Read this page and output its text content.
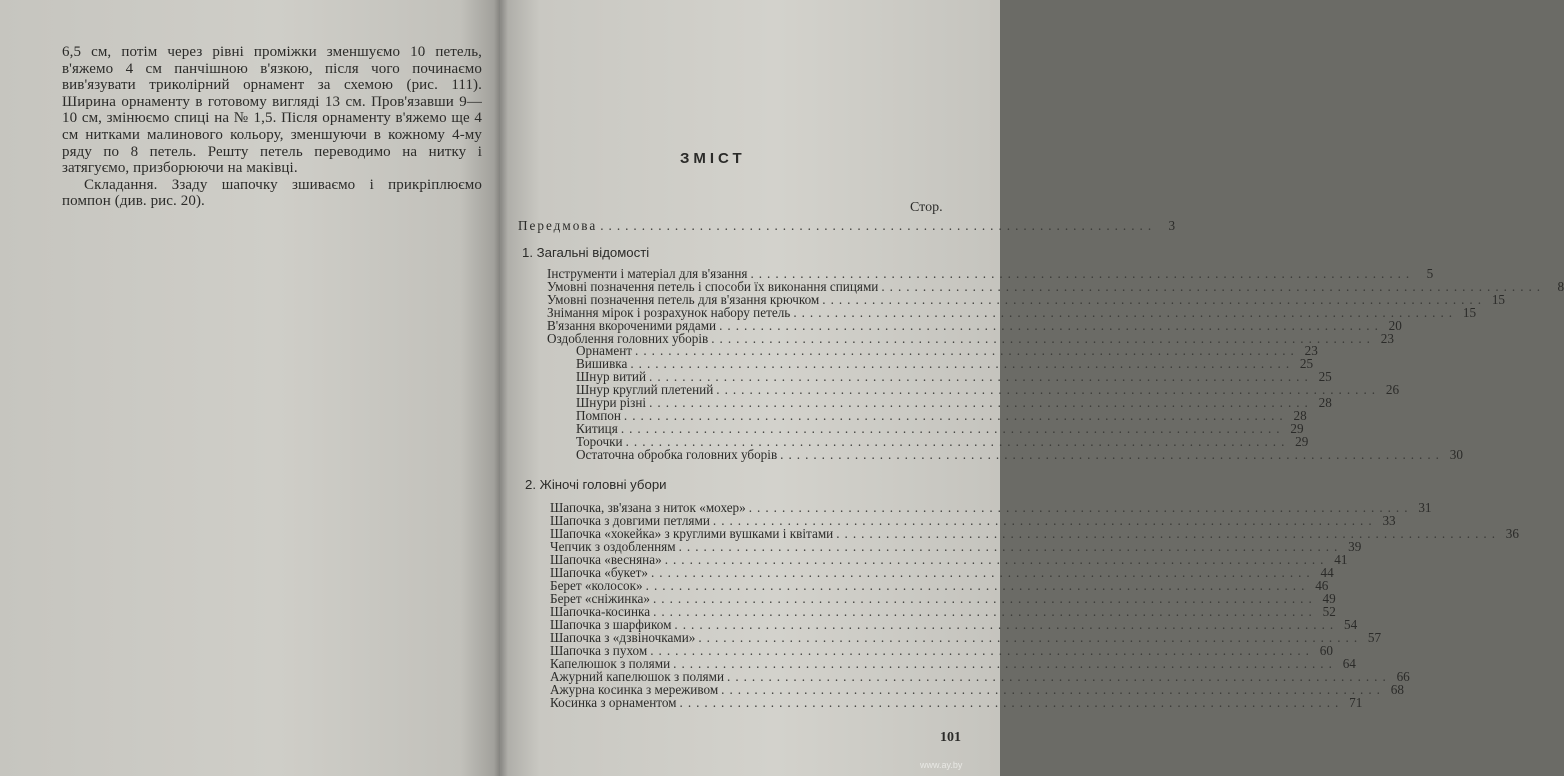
6,5 см, потім через рівні проміжки зменшуємо 10 петель, в'яжемо 4 см панчішною в'язкою, після чого починаємо вив'язувати триколірний орнамент за схемою (рис. 111). Ширина орнаменту в готовому вигляді 13 см. Пров'язавши 9—10 см, змінюємо спиці на № 1,5. Після орнаменту в'яжемо ще 4 см нитками малинового кольору, зменшуючи в кожному 4-му ряду по 8 петель. Решту петель переводимо на нитку і затягуємо, призборюючи на маківці.

Складання. Ззаду шапочку зшиваємо і прикріплюємо помпон (див. рис. 20).

ЗМІСТ
Стор.
Передмова ................................................................... 3
1. Загальні відомості
Інструменти і матеріал для в'язання ................................................................................ 5
Умовні позначення петель і способи їх виконання спицями ................................................................................ 8
Умовні позначення петель для в'язання крючком ................................................................................ 15
Знімання мірок і розрахунок набору петель ................................................................................ 15
В'язання вкороченими рядами ................................................................................ 20
Оздоблення головних уборів ................................................................................ 23
Орнамент ................................................................................ 23
Вишивка ................................................................................ 25
Шнур витий ................................................................................ 25
Шнур круглий плетений ................................................................................ 26
Шнури різні ................................................................................ 28
Помпон ................................................................................ 28
Китиця ................................................................................ 29
Торочки ................................................................................ 29
Остаточна обробка головних уборів ................................................................................ 30
2. Жіночі головні убори
Шапочка, зв'язана з ниток «мохер» ................................................................................ 31
Шапочка з довгими петлями ................................................................................ 33
Шапочка «хокейка» з круглими вушками і квітами ................................................................................ 36
Чепчик з оздобленням ................................................................................ 39
Шапочка «весняна» ................................................................................ 41
Шапочка «букет» ................................................................................ 44
Берет «колосок» ................................................................................ 46
Берет «сніжинка» ................................................................................ 49
Шапочка-косинка ................................................................................ 52
Шапочка з шарфиком ................................................................................ 54
Шапочка з «дзвіночками» ................................................................................ 57
Шапочка з пухом ................................................................................ 60
Капелюшок з полями ................................................................................ 64
Ажурний капелюшок з полями ................................................................................ 66
Ажурна косинка з мереживом ................................................................................ 68
Косинка з орнаментом ................................................................................ 71
101
www.ay.by
